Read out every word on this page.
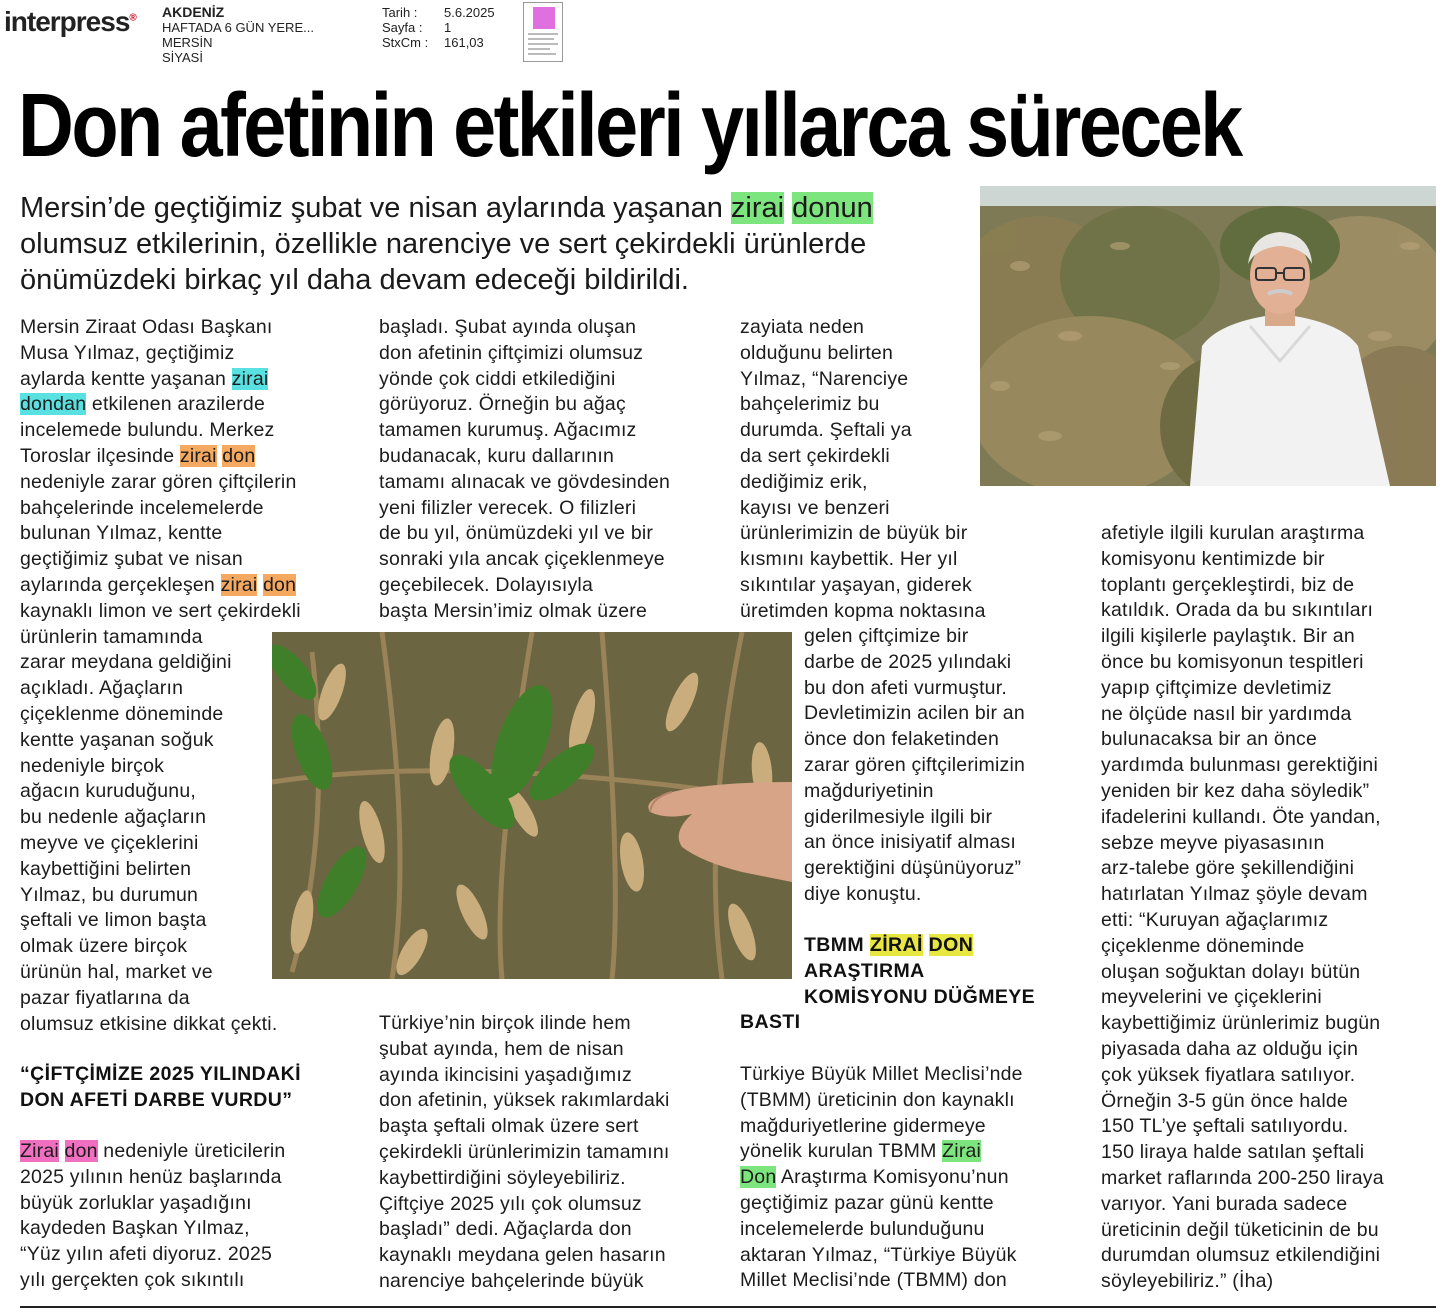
interpress® AKDENİZ
HAFTADA 6 GÜN YERE...
MERSİN
SİYASİ
Tarih :	5.6.2025
Sayfa :	1
StxCm :	161,03
Don afetinin etkileri yıllarca sürecek
Mersin’de geçtiğimiz şubat ve nisan aylarında yaşanan zirai donun olumsuz etkilerinin, özellikle narenciye ve sert çekirdekli ürünlerde önümüzdeki birkaç yıl daha devam edeceği bildirildi.

Mersin Ziraat Odası Başkanı

Musa Yılmaz, geçtiğimiz

aylarda kentte yaşanan zirai

dondan etkilenen arazilerde

incelemede bulundu. Merkez

Toroslar ilçesinde zirai don

nedeniyle zarar gören çiftçilerin

bahçelerinde incelemelerde

bulunan Yılmaz, kentte

geçtiğimiz şubat ve nisan

aylarında gerçekleşen zirai don

kaynaklı limon ve sert çekirdekli

ürünlerin tamamında

zarar meydana geldiğini

açıkladı. Ağaçların

çiçeklenme döneminde

kentte yaşanan soğuk

nedeniyle birçok

ağacın kuruduğunu,

bu nedenle ağaçların

meyve ve çiçeklerini

kaybettiğini belirten

Yılmaz, bu durumun

şeftali ve limon başta

olmak üzere birçok

ürünün hal, market ve

pazar fiyatlarına da

olumsuz etkisine dikkat çekti.

“ÇİFTÇİMİZE 2025 YILINDAKİ
DON AFETİ DARBE VURDU”

Zirai don nedeniyle üreticilerin

2025 yılının henüz başlarında

büyük zorluklar yaşadığını

kaydeden Başkan Yılmaz,

“Yüz yılın afeti diyoruz. 2025

yılı gerçekten çok sıkıntılı

başladı. Şubat ayında oluşan

don afetinin çiftçimizi olumsuz

yönde çok ciddi etkilediğini

görüyoruz. Örneğin bu ağaç

tamamen kurumuş. Ağacımız

budanacak, kuru dallarının

tamamı alınacak ve gövdesinden

yeni filizler verecek. O filizleri

de bu yıl, önümüzdeki yıl ve bir

sonraki yıla ancak çiçeklenmeye

geçebilecek. Dolayısıyla

başta Mersin’imiz olmak üzere

Türkiye’nin birçok ilinde hem

şubat ayında, hem de nisan

ayında ikincisini yaşadığımız

don afetinin, yüksek rakımlardaki

başta şeftali olmak üzere sert

çekirdekli ürünlerimizin tamamını

kaybettirdiğini söyleyebiliriz.

Çiftçiye 2025 yılı çok olumsuz

başladı” dedi. Ağaçlarda don

kaynaklı meydana gelen hasarın

narenciye bahçelerinde büyük

zayiata neden

olduğunu belirten

Yılmaz, “Narenciye

bahçelerimiz bu

durumda. Şeftali ya

da sert çekirdekli

dediğimiz erik,

kayısı ve benzeri

ürünlerimizin de büyük bir

kısmını kaybettik. Her yıl

sıkıntılar yaşayan, giderek

üretimden kopma noktasına

gelen çiftçimize bir

darbe de 2025 yılındaki

bu don afeti vurmuştur.

Devletimizin acilen bir an

önce don felaketinden

zarar gören çiftçilerimizin

mağduriyetinin

giderilmesiyle ilgili bir

an önce inisiyatif alması

gerektiğini düşünüyoruz”

diye konuştu.

TBMM ZİRAİ DON
ARAŞTIRMA
KOMİSYONU DÜĞMEYE
BASTI

Türkiye Büyük Millet Meclisi’nde

(TBMM) üreticinin don kaynaklı

mağduriyetlerine gidermeye

yönelik kurulan TBMM Zirai

Don Araştırma Komisyonu’nun

geçtiğimiz pazar günü kentte

incelemelerde bulunduğunu

aktaran Yılmaz, “Türkiye Büyük

Millet Meclisi’nde (TBMM) don

afetiyle ilgili kurulan araştırma

komisyonu kentimizde bir

toplantı gerçekleştirdi, biz de

katıldık. Orada da bu sıkıntıları

ilgili kişilerle paylaştık. Bir an

önce bu komisyonun tespitleri

yapıp çiftçimize devletimiz

ne ölçüde nasıl bir yardımda

bulunacaksa bir an önce

yardımda bulunması gerektiğini

yeniden bir kez daha söyledik”

ifadelerini kullandı. Öte yandan,

sebze meyve piyasasının

arz-talebe göre şekillendiğini

hatırlatan Yılmaz şöyle devam

etti: “Kuruyan ağaçlarımız

çiçeklenme döneminde

oluşan soğuktan dolayı bütün

meyvelerini ve çiçeklerini

kaybettiğimiz ürünlerimiz bugün

piyasada daha az olduğu için

çok yüksek fiyatlara satılıyor.

Örneğin 3-5 gün önce halde

150 TL’ye şeftali satılıyordu.

150 liraya halde satılan şeftali

market raflarında 200-250 liraya

varıyor. Yani burada sadece

üreticinin değil tüketicinin de bu

durumdan olumsuz etkilendiğini

söyleyebiliriz.” (İha)
